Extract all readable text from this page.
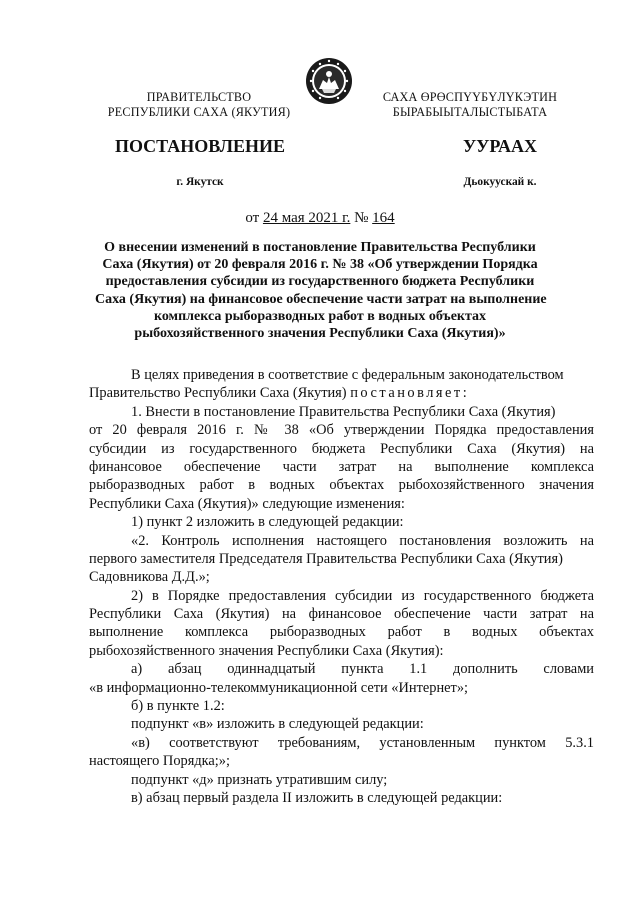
ПРАВИТЕЛЬСТВО
РЕСПУБЛИКИ САХА (ЯКУТИЯ)
САХА ӨРӨСПҮҮБҮЛҮКЭТИН
БЫРАБЫЫТАЛЫСТЫБАТА
ПОСТАНОВЛЕНИЕ	УУРААХ
г. Якутск	Дьокуускай к.
от 24 мая 2021 г. № 164
О внесении изменений в постановление Правительства Республики
Саха (Якутия) от 20 февраля 2016 г. № 38 «Об утверждении Порядка
предоставления субсидии из государственного бюджета Республики
Саха (Якутия) на финансовое обеспечение части затрат на выполнение
комплекса рыборазводных работ в водных объектах
рыбохозяйственного значения Республики Саха (Якутия)»
В целях приведения в соответствие с федеральным законодательством
Правительство Республики Саха (Якутия) постановляет:
1. Внести в постановление Правительства Республики Саха (Якутия)
от 20 февраля 2016 г. № 38 «Об утверждении Порядка предоставления
субсидии из государственного бюджета Республики Саха (Якутия) на
финансовое обеспечение части затрат на выполнение комплекса
рыборазводных работ в водных объектах рыбохозяйственного значения
Республики Саха (Якутия)» следующие изменения:
1) пункт 2 изложить в следующей редакции:
«2. Контроль исполнения настоящего постановления возложить на
первого заместителя Председателя Правительства Республики Саха (Якутия)
Садовникова Д.Д.»;
2) в Порядке предоставления субсидии из государственного бюджета
Республики Саха (Якутия) на финансовое обеспечение части затрат на
выполнение комплекса рыборазводных работ в водных объектах
рыбохозяйственного значения Республики Саха (Якутия):
а) абзац одиннадцатый пункта 1.1 дополнить словами
«в информационно-телекоммуникационной сети «Интернет»;
б) в пункте 1.2:
подпункт «в» изложить в следующей редакции:
«в) соответствуют требованиям, установленным пунктом 5.3.1
настоящего Порядка;»;
подпункт «д» признать утратившим силу;
в) абзац первый раздела II изложить в следующей редакции:
